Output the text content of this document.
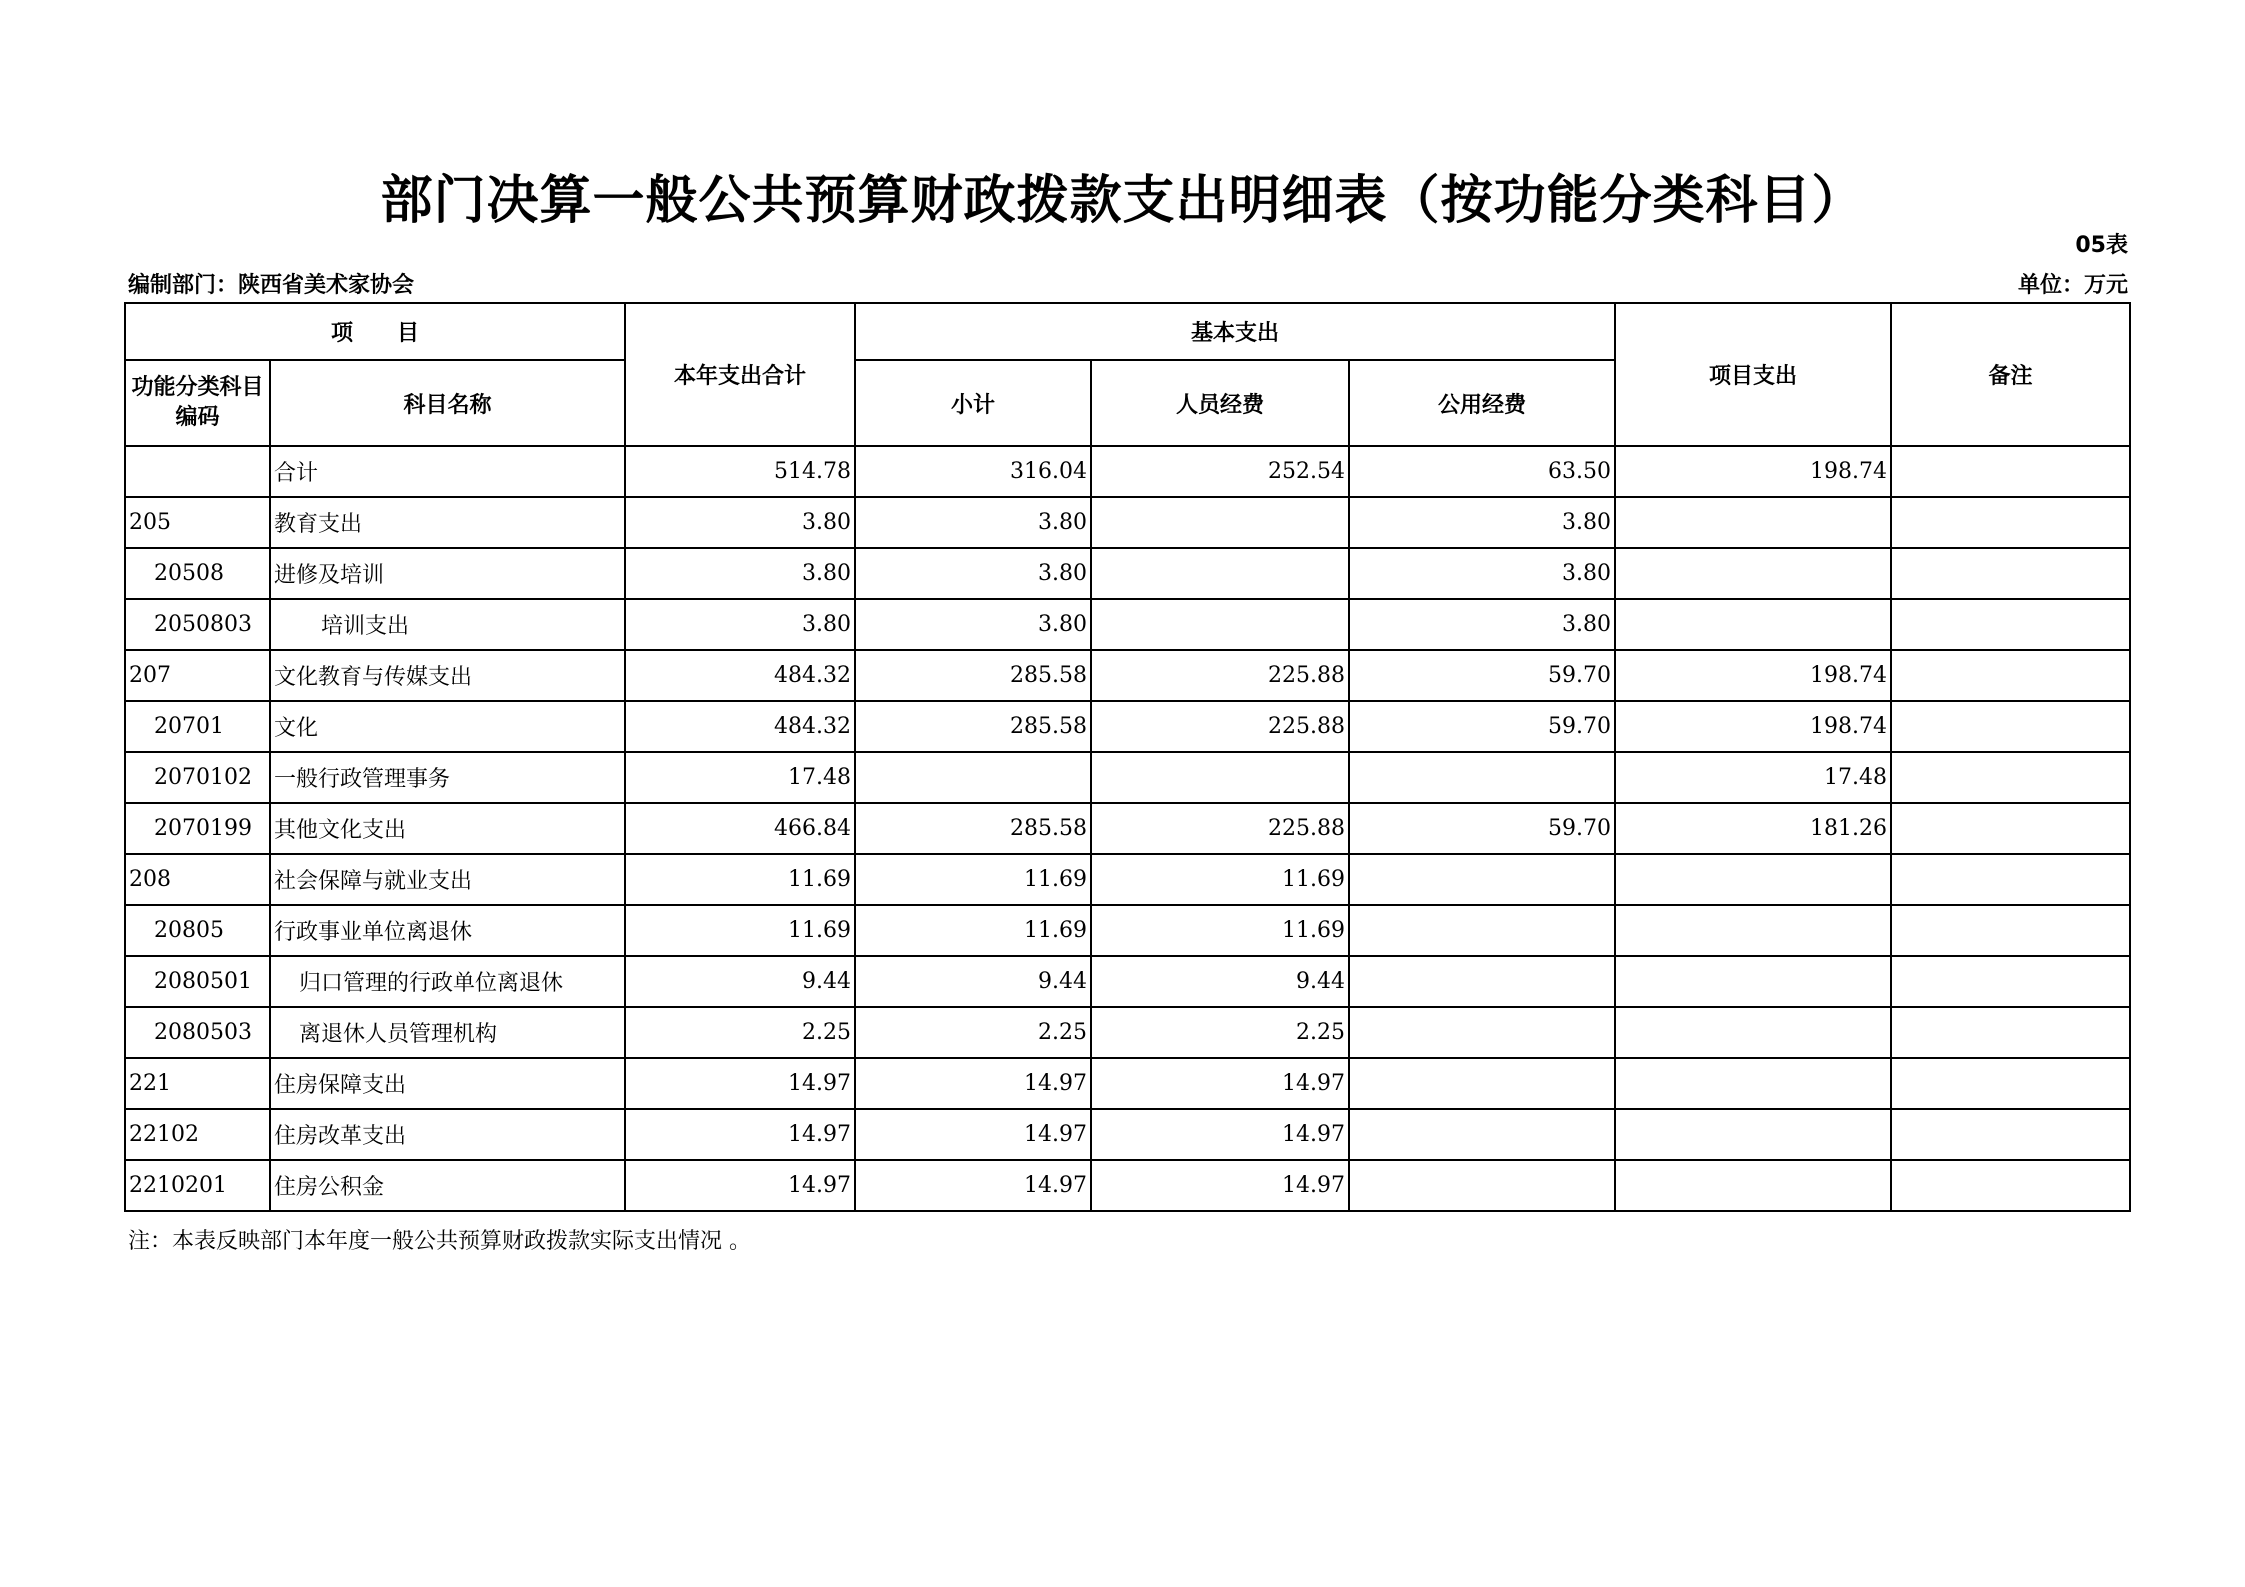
部门决算一般公共预算财政拨款支出明细表（按功能分类科目）
05表
编制部门：陕西省美术家协会	单位：万元
项　　目		本年支出合计	基本支出			项目支出	备注
功能分类科目编码	科目名称		小计	人员经费	公用经费		
	合计	514.78	316.04	252.54	63.50	198.74	
205	教育支出	3.80	3.80		3.80		
20508	进修及培训	3.80	3.80		3.80		
2050803	培训支出	3.80	3.80		3.80		
207	文化教育与传媒支出	484.32	285.58	225.88	59.70	198.74	
20701	文化	484.32	285.58	225.88	59.70	198.74	
2070102	一般行政管理事务	17.48				17.48	
2070199	其他文化支出	466.84	285.58	225.88	59.70	181.26	
208	社会保障与就业支出	11.69	11.69	11.69			
20805	行政事业单位离退休	11.69	11.69	11.69			
2080501	归口管理的行政单位离退休	9.44	9.44	9.44			
2080503	离退休人员管理机构	2.25	2.25	2.25			
221	住房保障支出	14.97	14.97	14.97			
22102	住房改革支出	14.97	14.97	14.97			
2210201	住房公积金	14.97	14.97	14.97			
注：本表反映部门本年度一般公共预算财政拨款实际支出情况 。
